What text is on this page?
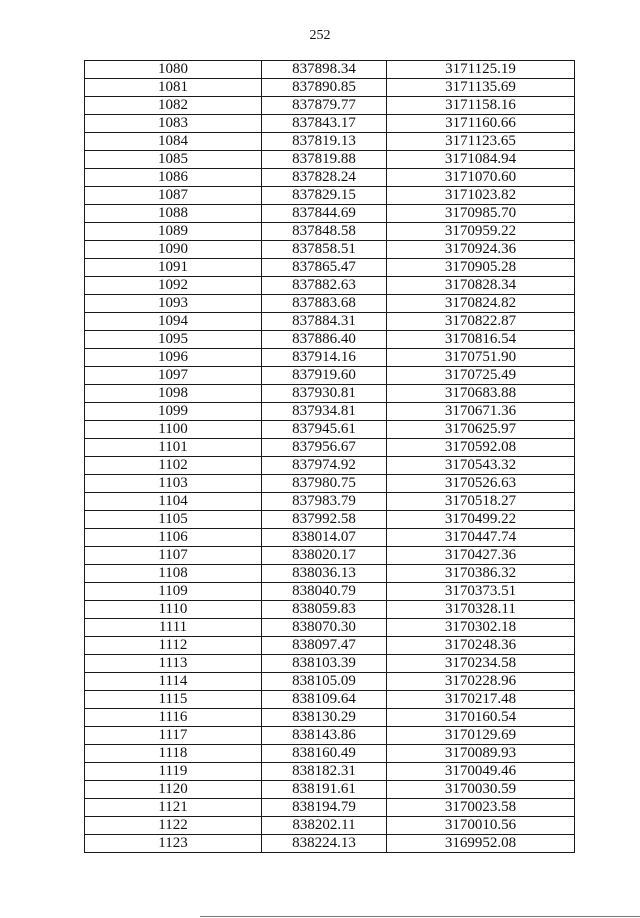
252
1080	837898.34	3171125.19
1081	837890.85	3171135.69
1082	837879.77	3171158.16
1083	837843.17	3171160.66
1084	837819.13	3171123.65
1085	837819.88	3171084.94
1086	837828.24	3171070.60
1087	837829.15	3171023.82
1088	837844.69	3170985.70
1089	837848.58	3170959.22
1090	837858.51	3170924.36
1091	837865.47	3170905.28
1092	837882.63	3170828.34
1093	837883.68	3170824.82
1094	837884.31	3170822.87
1095	837886.40	3170816.54
1096	837914.16	3170751.90
1097	837919.60	3170725.49
1098	837930.81	3170683.88
1099	837934.81	3170671.36
1100	837945.61	3170625.97
1101	837956.67	3170592.08
1102	837974.92	3170543.32
1103	837980.75	3170526.63
1104	837983.79	3170518.27
1105	837992.58	3170499.22
1106	838014.07	3170447.74
1107	838020.17	3170427.36
1108	838036.13	3170386.32
1109	838040.79	3170373.51
1110	838059.83	3170328.11
1111	838070.30	3170302.18
1112	838097.47	3170248.36
1113	838103.39	3170234.58
1114	838105.09	3170228.96
1115	838109.64	3170217.48
1116	838130.29	3170160.54
1117	838143.86	3170129.69
1118	838160.49	3170089.93
1119	838182.31	3170049.46
1120	838191.61	3170030.59
1121	838194.79	3170023.58
1122	838202.11	3170010.56
1123	838224.13	3169952.08
